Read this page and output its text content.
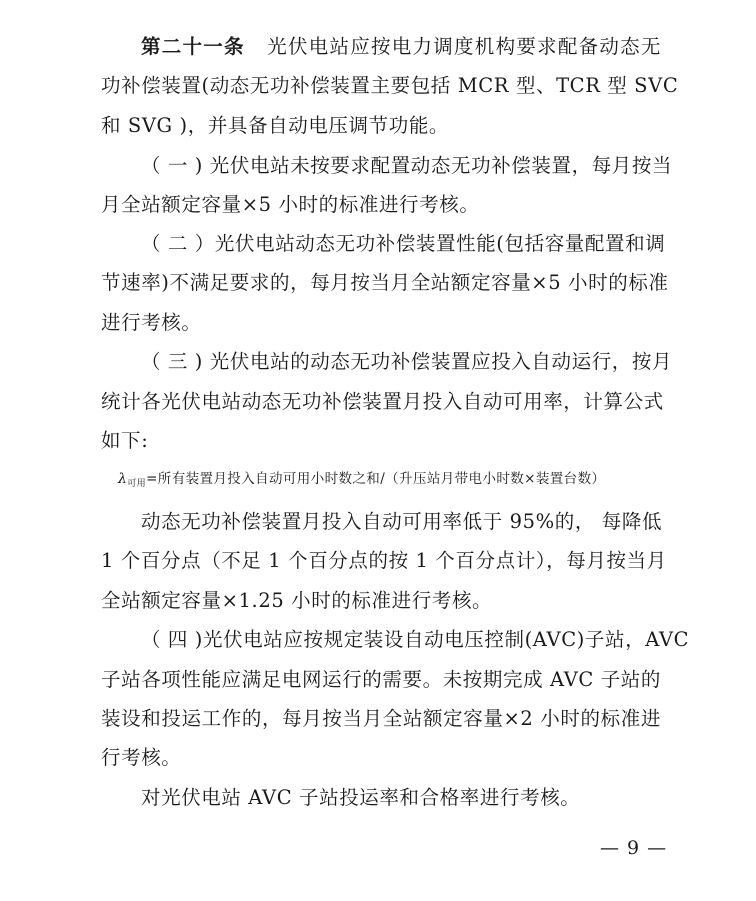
第二十一条 光伏电站应按电力调度机构要求配备动态无
功补偿装置(动态无功补偿装置主要包括 MCR 型、TCR 型 SVC
和 SVG )，并具备自动电压调节功能。
（ 一 ) 光伏电站未按要求配置动态无功补偿装置，每月按当
月全站额定容量×5 小时的标准进行考核。
（ 二 ）光伏电站动态无功补偿装置性能(包括容量配置和调
节速率)不满足要求的，每月按当月全站额定容量×5 小时的标准
进行考核。
（ 三 ) 光伏电站的动态无功补偿装置应投入自动运行，按月
统计各光伏电站动态无功补偿装置月投入自动可用率，计算公式
如下:
$\lambda_{可用}=$所有装置月投入自动可用小时数之和/（升压站月带电小时数×装置台数）
动态无功补偿装置月投入自动可用率低于 95%的， 每降低
1 个百分点（不足 1 个百分点的按 1 个百分点计），每月按当月
全站额定容量×1.25 小时的标准进行考核。
（ 四 )光伏电站应按规定装设自动电压控制(AVC)子站，AVC
子站各项性能应满足电网运行的需要。未按期完成 AVC 子站的
装设和投运工作的，每月按当月全站额定容量×2 小时的标准进
行考核。
对光伏电站 AVC 子站投运率和合格率进行考核。
— 9 —
